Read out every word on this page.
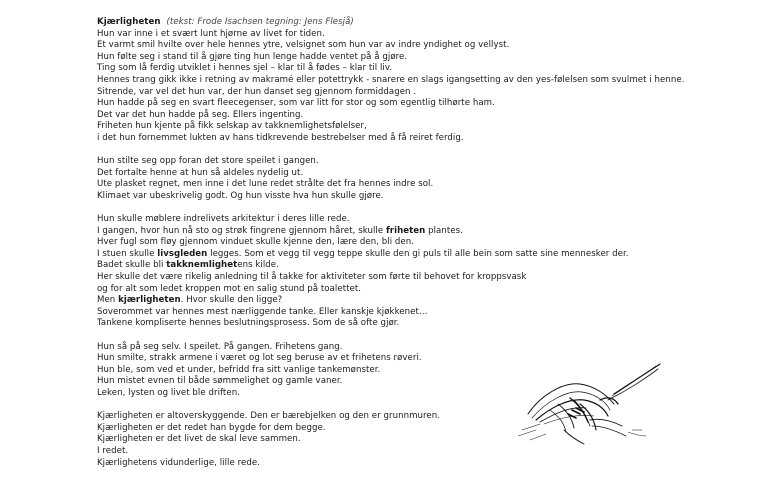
Kjærligheten (tekst: Frode Isachsen tegning: Jens Flesjå)

Hun var inne i et svært lunt hjørne av livet for tiden.

Et varmt smil hvilte over hele hennes ytre, velsignet som hun var av indre yndighet og vellyst.

Hun følte seg i stand til å gjøre ting hun lenge hadde ventet på å gjøre.

Ting som lå ferdig utviklet i hennes sjel – klar til å fødes – klar til liv.

Hennes trang gikk ikke i retning av makramé eller potettrykk - snarere en slags igangsetting av den yes-følelsen som svulmet i henne.

Sitrende, var vel det hun var, der hun danset seg gjennom formiddagen .

Hun hadde på seg en svart fleecegenser, som var litt for stor og som egentlig tilhørte ham.

Det var det hun hadde på seg. Ellers ingenting.

Friheten hun kjente på fikk selskap av takknemlighetsfølelser,

i det hun fornemmet lukten av hans tidkrevende bestrebelser med å få reiret ferdig.

Hun stilte seg opp foran det store speilet i gangen.

Det fortalte henne at hun så aldeles nydelig ut.

Ute plasket regnet, men inne i det lune redet strålte det fra hennes indre sol.

Klimaet var ubeskrivelig godt. Og hun visste hva hun skulle gjøre.

Hun skulle møblere indrelivets arkitektur i deres lille rede.

I gangen, hvor hun nå sto og strøk fingrene gjennom håret, skulle friheten plantes.

Hver fugl som fløy gjennom vinduet skulle kjenne den, lære den, bli den.

I stuen skulle livsgleden legges. Som et vegg til vegg teppe skulle den gi puls til alle bein som satte sine mennesker der.

Badet skulle bli takknemlighetens kilde.

Her skulle det være rikelig anledning til å takke for aktiviteter som førte til behovet for kroppsvask

og for alt som ledet kroppen mot en salig stund på toalettet.

Men kjærligheten. Hvor skulle den ligge?

Soverommet var hennes mest nærliggende tanke. Eller kanskje kjøkkenet…

Tankene kompliserte hennes beslutningsprosess. Som de så ofte gjør.

Hun så på seg selv. I speilet. På gangen. Frihetens gang.

Hun smilte, strakk armene i været og lot seg beruse av et frihetens røveri.

Hun ble, som ved et under, befridd fra sitt vanlige tankemønster.

Hun mistet evnen til både sømmelighet og gamle vaner.

Leken, lysten og livet ble driften.

Kjærligheten er altoverskyggende. Den er bærebjelken og den er grunnmuren.

Kjærligheten er det redet han bygde for dem begge.

Kjærligheten er det livet de skal leve sammen.

I redet.

Kjærlighetens vidunderlige, lille rede.
